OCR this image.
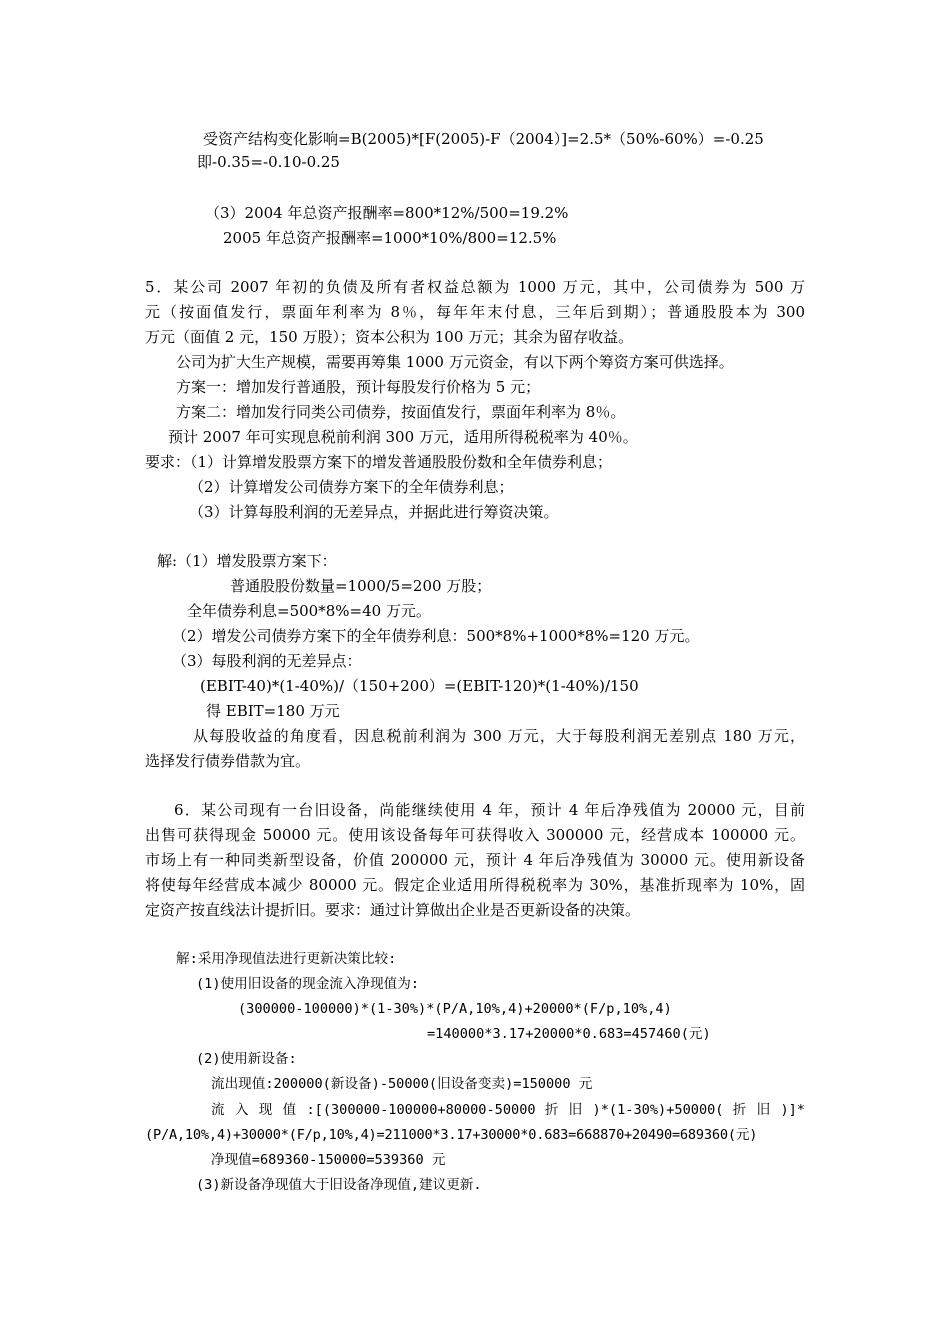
受资产结构变化影响=B(2005)*[F(2005)-F（2004）]=2.5*（50%-60%）=-0.25
即-0.35=-0.10-0.25
（3）2004 年总资产报酬率=800*12%/500=19.2%
2005 年总资产报酬率=1000*10%/800=12.5%
5．某公司 2007 年初的负债及所有者权益总额为 1000 万元，其中，公司债券为 500 万
元（按面值发行，票面年利率为 8％，每年年末付息，三年后到期）；普通股股本为 300
万元（面值 2 元，150 万股）；资本公积为 100 万元；其余为留存收益。
公司为扩大生产规模，需要再筹集 1000 万元资金，有以下两个筹资方案可供选择。
方案一：增加发行普通股，预计每股发行价格为 5 元；
方案二：增加发行同类公司债券，按面值发行，票面年利率为 8％。
预计 2007 年可实现息税前利润 300 万元，适用所得税税率为 40％。
要求：（1）计算增发股票方案下的增发普通股股份数和全年债券利息；
（2）计算增发公司债券方案下的全年债券利息；
（3）计算每股利润的无差异点，并据此进行筹资决策。
解:（1）增发股票方案下：
普通股股份数量=1000/5=200 万股；
全年债券利息=500*8%=40 万元。
（2）增发公司债券方案下的全年债券利息：500*8%+1000*8%=120 万元。
（3）每股利润的无差异点：
(EBIT-40)*(1-40%)/（150+200）=(EBIT-120)*(1-40%)/150
得 EBIT=180 万元
从每股收益的角度看，因息税前利润为 300 万元，大于每股利润无差别点 180 万元，
选择发行债券借款为宜。
6．某公司现有一台旧设备，尚能继续使用 4 年，预计 4 年后净残值为 20000 元，目前
出售可获得现金 50000 元。使用该设备每年可获得收入 300000 元，经营成本 100000 元。
市场上有一种同类新型设备，价值 200000 元，预计 4 年后净残值为 30000 元。使用新设备
将使每年经营成本减少 80000 元。假定企业适用所得税税率为 30%，基准折现率为 10%，固
定资产按直线法计提折旧。要求：通过计算做出企业是否更新设备的决策。
解:采用净现值法进行更新决策比较:
(1)使用旧设备的现金流入净现值为:
(300000-100000)*(1-30%)*(P/A,10%,4)+20000*(F/p,10%,4)
=140000*3.17+20000*0.683=457460(元)
(2)使用新设备:
流出现值:200000(新设备)-50000(旧设备变卖)=150000 元
流 入 现 值 :[(300000-100000+80000-50000 折 旧 )*(1-30%)+50000( 折 旧 )]*
(P/A,10%,4)+30000*(F/p,10%,4)=211000*3.17+30000*0.683=668870+20490=689360(元)
净现值=689360-150000=539360 元
(3)新设备净现值大于旧设备净现值,建议更新.
